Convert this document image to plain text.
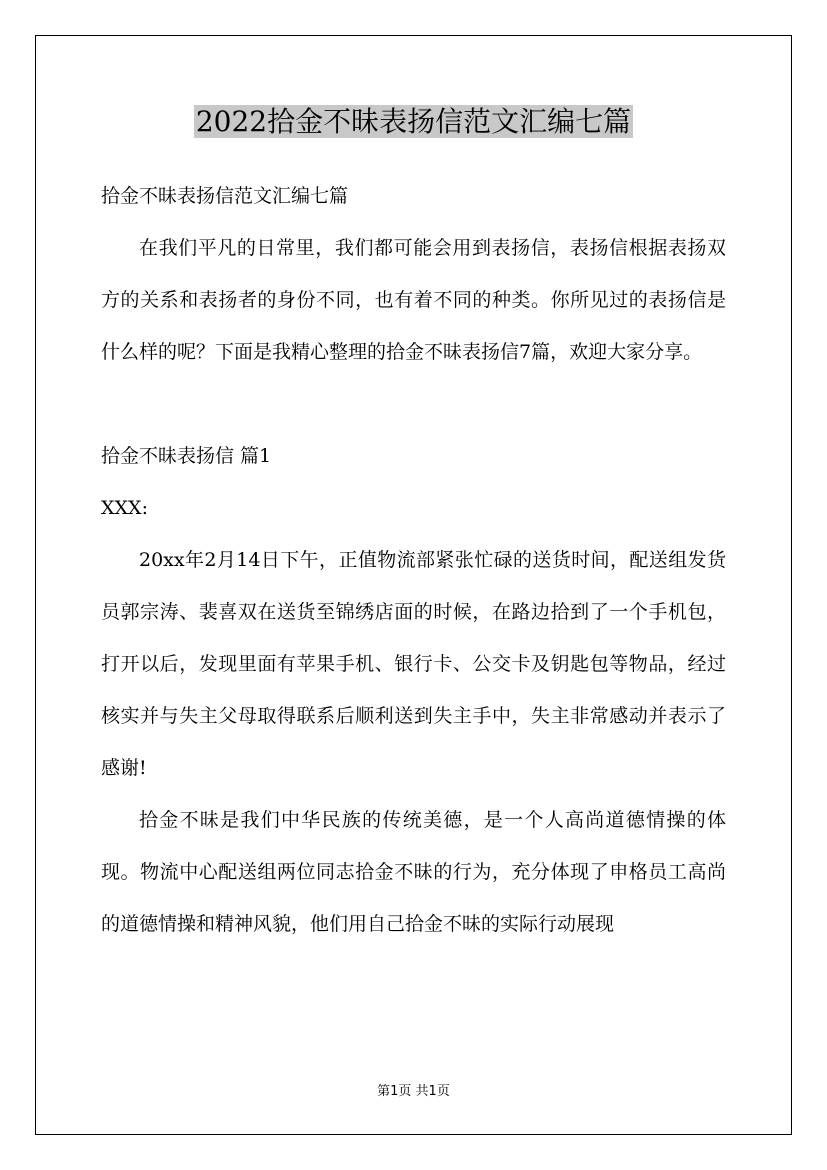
2022拾金不昧表扬信范文汇编七篇

拾金不昧表扬信范文汇编七篇

在我们平凡的日常里，我们都可能会用到表扬信，表扬信根据表扬双方的关系和表扬者的身份不同，也有着不同的种类。你所见过的表扬信是什么样的呢？下面是我精心整理的拾金不昧表扬信7篇，欢迎大家分享。

拾金不昧表扬信 篇1

XXX:

20xx年2月14日下午，正值物流部紧张忙碌的送货时间，配送组发货员郭宗涛、裴喜双在送货至锦绣店面的时候，在路边拾到了一个手机包，打开以后，发现里面有苹果手机、银行卡、公交卡及钥匙包等物品，经过核实并与失主父母取得联系后顺利送到失主手中，失主非常感动并表示了感谢!

拾金不昧是我们中华民族的传统美德，是一个人高尚道德情操的体现。物流中心配送组两位同志拾金不昧的行为，充分体现了申格员工高尚的道德情操和精神风貌，他们用自己拾金不昧的实际行动展现

第1页 共1页
